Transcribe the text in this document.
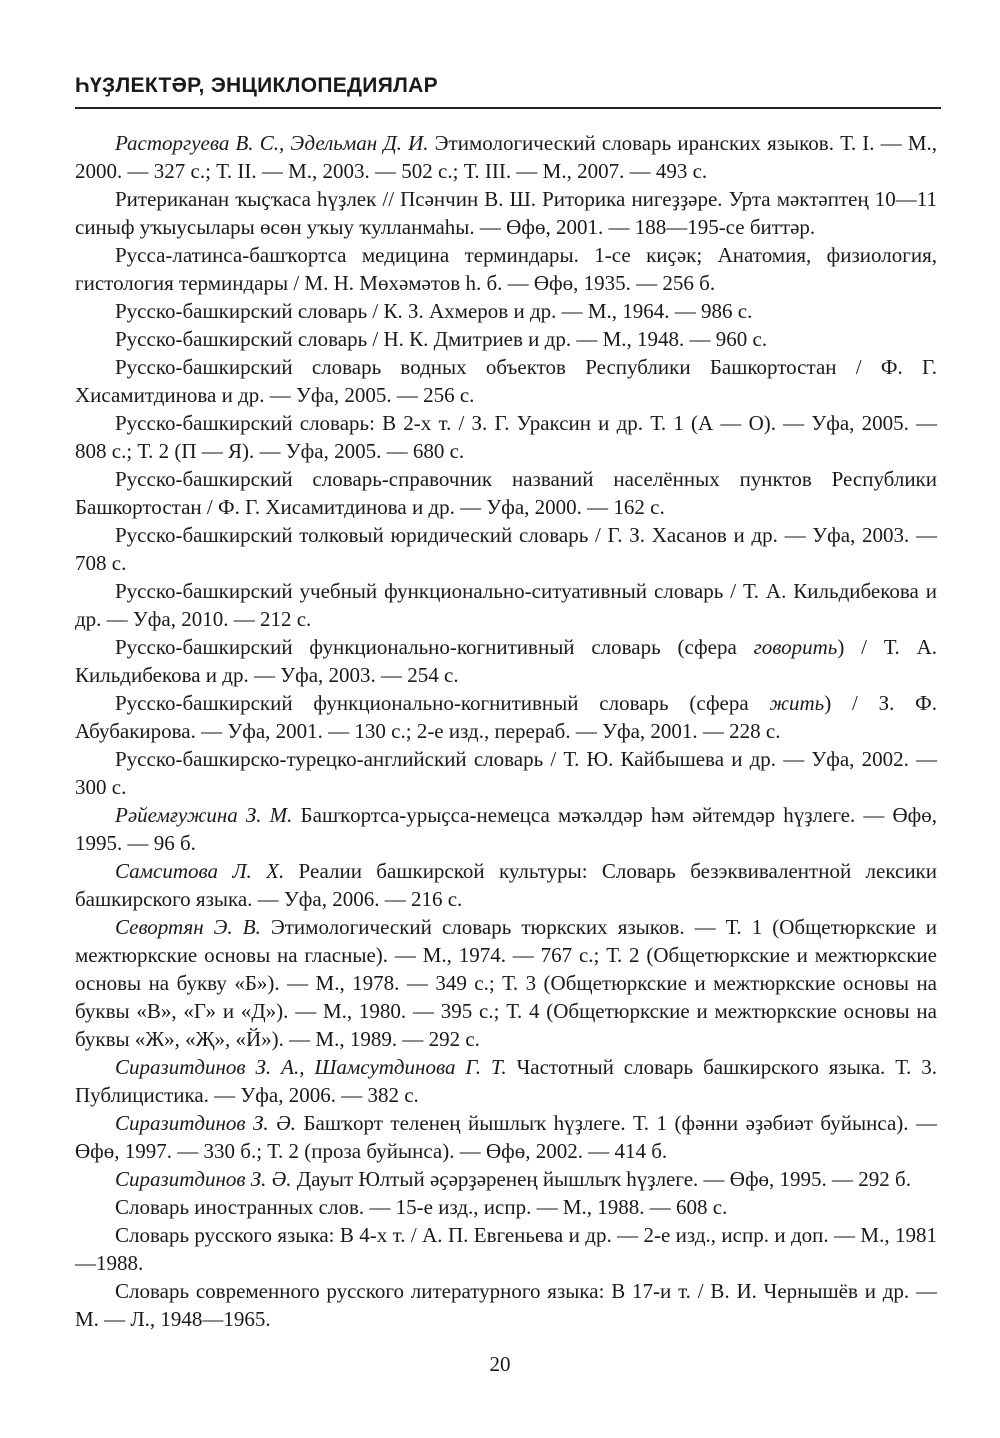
ҺҮҘЛЕКТӘР, ЭНЦИКЛОПЕДИЯЛАР

Расторгуева В. С., Эдельман Д. И. Этимологический словарь иранских языков. Т. I. — М., 2000. — 327 с.; Т. II. — М., 2003. — 502 с.; Т. III. — М., 2007. — 493 с.

Ритериканан ҡыҫҡаса һүҙлек // Псәнчин В. Ш. Риторика нигеҙҙәре. Урта мәктәптең 10—11 синыф уҡыусылары өсөн уҡыу ҡулланмаһы. — Өфө, 2001. — 188—195-се биттәр.

Русса-латинса-башҡортса медицина терминдары. 1-се киҫәк; Анатомия, физиология, гистология терминдары / М. Н. Мөхәмәтов һ. б. — Өфө, 1935. — 256 б.

Русско-башкирский словарь / К. З. Ахмеров и др. — М., 1964. — 986 с.

Русско-башкирский словарь / Н. К. Дмитриев и др. — М., 1948. — 960 с.

Русско-башкирский словарь водных объектов Республики Башкортостан / Ф. Г. Хисамитдинова и др. — Уфа, 2005. — 256 с.

Русско-башкирский словарь: В 2-х т. / З. Г. Ураксин и др. Т. 1 (А — О). — Уфа, 2005. — 808 с.; Т. 2 (П — Я). — Уфа, 2005. — 680 с.

Русско-башкирский словарь-справочник названий населённых пунктов Республики Башкортостан / Ф. Г. Хисамитдинова и др. — Уфа, 2000. — 162 с.

Русско-башкирский толковый юридический словарь / Г. З. Хасанов и др. — Уфа, 2003. — 708 с.

Русско-башкирский учебный функционально-ситуативный словарь / Т. А. Кильдибекова и др. — Уфа, 2010. — 212 с.

Русско-башкирский функционально-когнитивный словарь (сфера говорить) / Т. А. Кильдибекова и др. — Уфа, 2003. — 254 с.

Русско-башкирский функционально-когнитивный словарь (сфера жить) / З. Ф. Абубакирова. — Уфа, 2001. — 130 с.; 2-е изд., перераб. — Уфа, 2001. — 228 с.

Русско-башкирско-турецко-английский словарь / Т. Ю. Кайбышева и др. — Уфа, 2002. — 300 с.

Рәйемғужина З. М. Башҡортса-урыҫса-немецса мәҡәлдәр һәм әйтемдәр һүҙлеге. — Өфө, 1995. — 96 б.

Самситова Л. Х. Реалии башкирской культуры: Словарь безэквивалентной лексики башкирского языка. — Уфа, 2006. — 216 с.

Севортян Э. В. Этимологический словарь тюркских языков. — Т. 1 (Общетюркские и межтюркские основы на гласные). — М., 1974. — 767 с.; Т. 2 (Общетюркские и межтюркские основы на букву «Б»). — М., 1978. — 349 с.; Т. 3 (Общетюркские и межтюркские основы на буквы «В», «Г» и «Д»). — М., 1980. — 395 с.; Т. 4 (Общетюркские и межтюркские основы на буквы «Ж», «Җ», «Й»). — М., 1989. — 292 с.

Сиразитдинов З. А., Шамсутдинова Г. Т. Частотный словарь башкирского языка. Т. 3. Публицистика. — Уфа, 2006. — 382 с.

Сиразитдинов З. Ә. Башҡорт теленең йышлыҡ һүҙлеге. Т. 1 (фәнни әҙәбиәт буйынса). — Өфө, 1997. — 330 б.; Т. 2 (проза буйынса). — Өфө, 2002. — 414 б.

Сиразитдинов З. Ә. Дауыт Юлтый әҫәрҙәренең йышлыҡ һүҙлеге. — Өфө, 1995. — 292 б.

Словарь иностранных слов. — 15-е изд., испр. — М., 1988. — 608 с.

Словарь русского языка: В 4-х т. / А. П. Евгеньева и др. — 2-е изд., испр. и доп. — М., 1981—1988.

Словарь современного русского литературного языка: В 17-и т. / В. И. Чернышёв и др. — М. — Л., 1948—1965.

20
